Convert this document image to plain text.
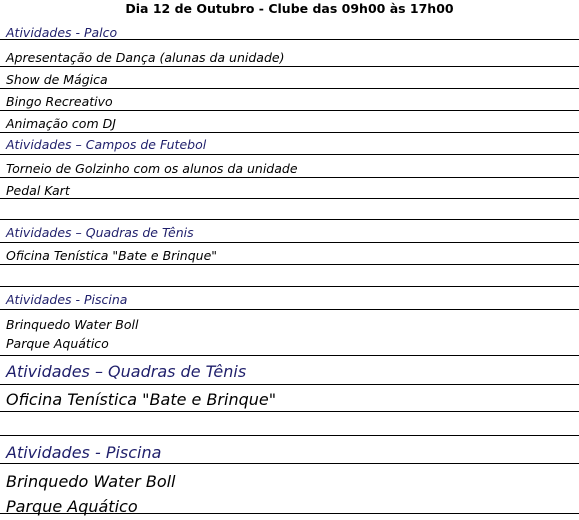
Dia 12 de Outubro - Clube das 09h00 às 17h00
Atividades - Palco
Apresentação de Dança (alunas da unidade)
Show de Mágica
Bingo Recreativo
Animação com DJ
Atividades – Campos de Futebol
Torneio de Golzinho com os alunos da unidade
Pedal Kart
Atividades – Quadras de Tênis
Oficina Tenística "Bate e Brinque"
Atividades - Piscina
Brinquedo Water Boll
Parque Aquático
Atividades – Quadras de Tênis
Oficina Tenística "Bate e Brinque"
Atividades - Piscina
Brinquedo Water Boll
Parque Aquático
